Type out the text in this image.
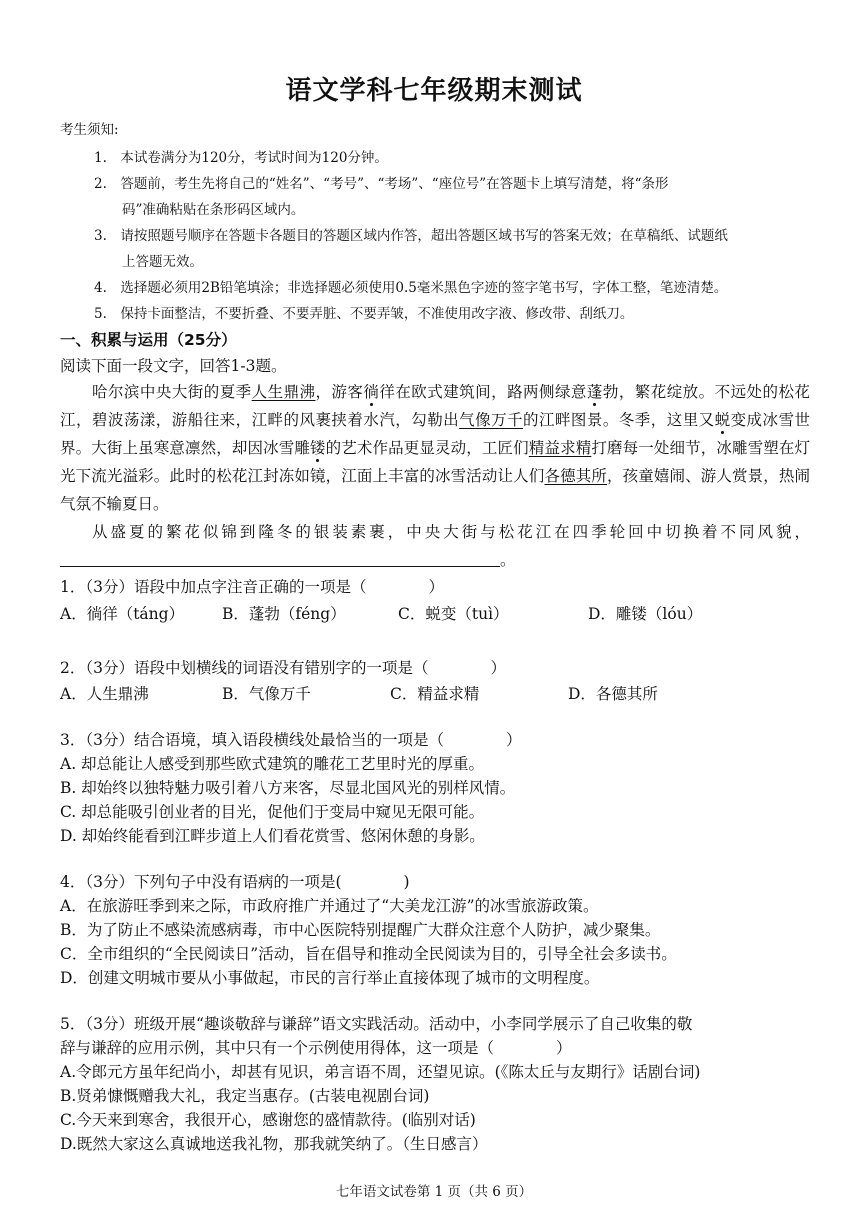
语文学科七年级期末测试
考生须知:
1.　本试卷满分为120分，考试时间为120分钟。
2.　答题前，考生先将自己的“姓名”、“考号”、“考场”、“座位号”在答题卡上填写清楚，将“条形
码”准确粘贴在条形码区域内。
3.　请按照题号顺序在答题卡各题目的答题区域内作答，超出答题区域书写的答案无效；在草稿纸、试题纸
上答题无效。
4.　选择题必须用2B铅笔填涂；非选择题必须使用0.5毫米黑色字迹的签字笔书写，字体工整，笔迹清楚。
5.　保持卡面整洁，不要折叠、不要弄脏、不要弄皱，不准使用改字液、修改带、刮纸刀。
一、积累与运用（25分）
阅读下面一段文字，回答1-3题。
哈尔滨中央大街的夏季人生鼎沸，游客徜徉在欧式建筑间，路两侧绿意蓬勃，繁花绽放。不远处的松花江，碧波荡漾，游船往来，江畔的风裹挟着水汽，勾勒出气像万千的江畔图景。冬季，这里又蜕变成冰雪世界。大街上虽寒意凛然，却因冰雪雕镂的艺术作品更显灵动，工匠们精益求精打磨每一处细节，冰雕雪塑在灯光下流光溢彩。此时的松花江封冻如镜，江面上丰富的冰雪活动让人们各德其所，孩童嬉闹、游人赏景，热闹气氛不输夏日。
从盛夏的繁花似锦到隆冬的银装素裹，中央大街与松花江在四季轮回中切换着不同风貌，。
1．（3分）语段中加点字注音正确的一项是（　　　　）
A．徜徉（táng） B．蓬勃（féng）	C．蜕变（tuì）	D．雕镂（lóu）
2．（3分）语段中划横线的词语没有错别字的一项是（　　　　）
A．人生鼎沸	B．气像万千	C．精益求精	D．各德其所
3．（3分）结合语境，填入语段横线处最恰当的一项是（　　　　）
A. 却总能让人感受到那些欧式建筑的雕花工艺里时光的厚重。
B. 却始终以独特魅力吸引着八方来客，尽显北国风光的别样风情。
C. 却总能吸引创业者的目光，促他们于变局中窥见无限可能。
D. 却始终能看到江畔步道上人们看花赏雪、悠闲休憩的身影。
4．（3分）下列句子中没有语病的一项是(　　　　)
A．在旅游旺季到来之际，市政府推广并通过了“大美龙江游”的冰雪旅游政策。
B．为了防止不感染流感病毒，市中心医院特别提醒广大群众注意个人防护，减少聚集。
C．全市组织的“全民阅读日”活动，旨在倡导和推动全民阅读为目的，引导全社会多读书。
D．创建文明城市要从小事做起，市民的言行举止直接体现了城市的文明程度。
5．（3分）班级开展“趣谈敬辞与谦辞”语文实践活动。活动中，小李同学展示了自己收集的敬
辞与谦辞的应用示例，其中只有一个示例使用得体，这一项是（　　　　）
A.令郎元方虽年纪尚小，却甚有见识，弟言语不周，还望见谅。(《陈太丘与友期行》话剧台词)
B.贤弟慷慨赠我大礼，我定当惠存。(古装电视剧台词)
C.今天来到寒舍，我很开心，感谢您的盛情款待。(临别对话)
D.既然大家这么真诚地送我礼物，那我就笑纳了。（生日感言）
七年语文试卷第 1 页（共 6 页）
